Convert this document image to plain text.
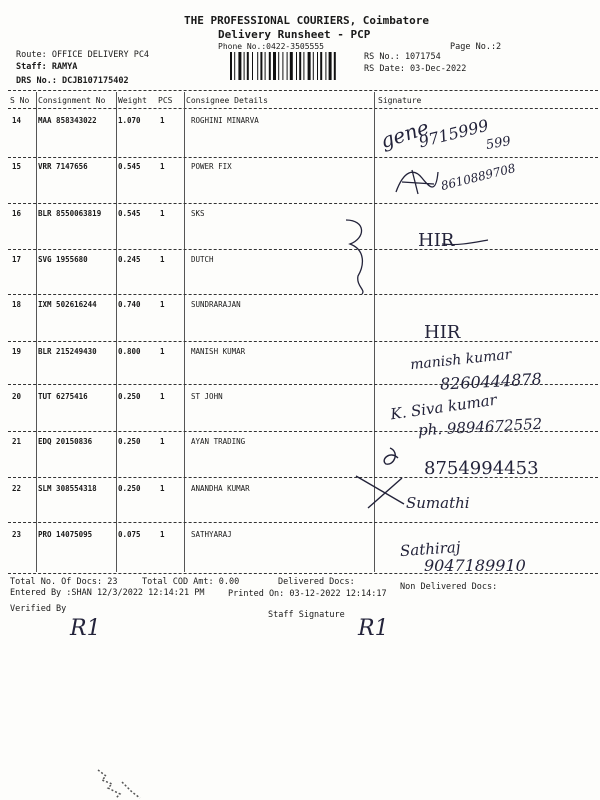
THE PROFESSIONAL COURIERS, Coimbatore
Delivery Runsheet - PCP
Phone No.:0422-3505555	Page No.:2
Route: OFFICE DELIVERY PC4
Staff: RAMYA
DRS No.: DCJB107175402
RS No.: 1071754
RS Date: 03-Dec-2022
S No Consignment No Weight PCS Consignee Details	Signature
14 MAA 858343022	1.070	1	ROGHINI MINARVA
15 VRR 7147656	0.545	1	POWER FIX
16 BLR 8550063819 0.545	1	SKS
17 SVG 1955680	0.245	1	DUTCH
18 IXM 502616244	0.740	1	SUNDRARAJAN
19 BLR 215249430	0.800	1	MANISH KUMAR
20 TUT 6275416	0.250	1	ST JOHN
21 EDQ 20150836	0.250	1	AYAN TRADING
22 SLM 308554318	0.250	1	ANANDHA KUMAR
23 PRO 14075095	0.075	1	SATHYARAJ
gene
9715999
599
8610889708
HIR
HIR
manish kumar
8260444878
K. Siva kumar
ph. 9894672552
8754994453
Sumathi
Sathiraj
9047189910
Total No. Of Docs: 23	Total COD Amt: 0.00	Delivered Docs:	Non Delivered Docs:
Entered By :SHAN 12/3/2022 12:14:21 PM	Printed On: 03-12-2022 12:14:17
Verified By
Staff Signature
R1	R1
